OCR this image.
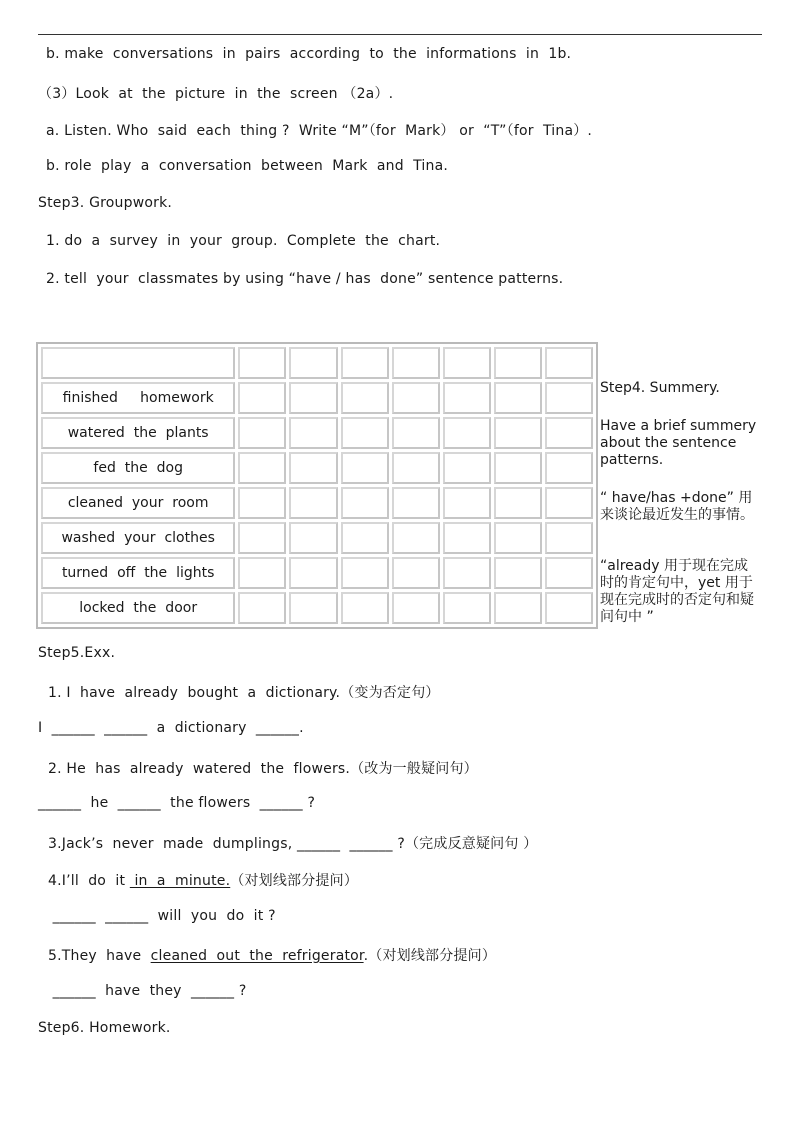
b. make  conversations  in  pairs  according  to  the  informations  in  1b.
（3）Look  at  the  picture  in  the  screen （2a）.
a. Listen. Who  said  each  thing ?  Write “M”（for  Mark） or  “T”（for  Tina）.
b. role  play  a  conversation  between  Mark  and  Tina.
Step3. Groupwork.
1. do  a  survey  in  your  group.  Complete  the  chart.
2. tell  your  classmates by using “have / has  done” sentence patterns.

finished     homework							
watered  the  plants							
fed  the  dog							
cleaned  your  room							
washed  your  clothes							
turned  off  the  lights							
locked  the  door							
Step4. Summery.
Have a brief summery about the sentence patterns.
“ have/has +done” 用来谈论最近发生的事情。
“already 用于现在完成时的肯定句中，yet 用于现在完成时的否定句和疑问句中 ”
Step5.Exx.
1. I  have  already  bought  a  dictionary.（变为否定句）
I  ______  ______  a  dictionary  ______.
2. He  has  already  watered  the  flowers.（改为一般疑问句）
______  he  ______  the flowers  ______ ?
3.Jack’s  never  made  dumplings, ______  ______ ?（完成反意疑问句 ）
4.I’ll  do  it  in  a  minute.（对划线部分提问）
______  ______  will  you  do  it ?
5.They  have  cleaned  out  the  refrigerator.（对划线部分提问）
______  have  they  ______ ?
Step6. Homework.
